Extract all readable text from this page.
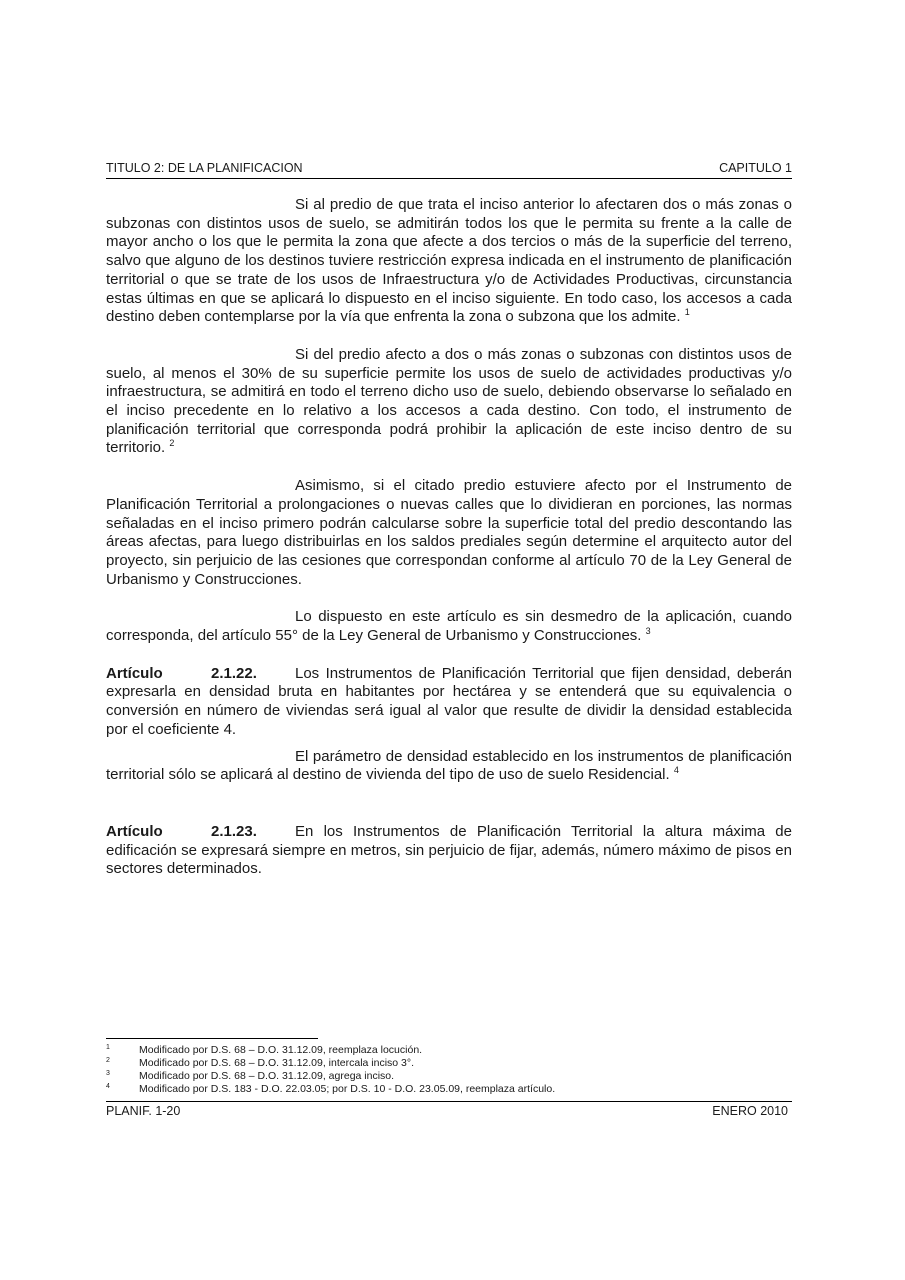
TITULO 2: DE LA PLANIFICACION	CAPITULO 1

Si al predio de que trata el inciso anterior lo afectaren dos o más zonas o subzonas con distintos usos de suelo, se admitirán todos los que le permita su frente a la calle de mayor ancho o los que le permita la zona que afecte a dos tercios o más de la superficie del terreno, salvo que alguno de los destinos tuviere restricción expresa indicada en el instrumento de planificación territorial o que se trate de los usos de Infraestructura y/o de Actividades Productivas, circunstancia estas últimas en que se aplicará lo dispuesto en el inciso siguiente. En todo caso, los accesos a cada destino deben contemplarse por la vía que enfrenta la zona o subzona que los admite. $^1$

Si del predio afecto a dos o más zonas o subzonas con distintos usos de suelo, al menos el 30% de su superficie permite los usos de suelo de actividades productivas y/o infraestructura, se admitirá en todo el terreno dicho uso de suelo, debiendo observarse lo señalado en el inciso precedente en lo relativo a los accesos a cada destino. Con todo, el instrumento de planificación territorial que corresponda podrá prohibir la aplicación de este inciso dentro de su territorio. $^2$

Asimismo, si el citado predio estuviere afecto por el Instrumento de Planificación Territorial a prolongaciones o nuevas calles que lo dividieran en porciones, las normas señaladas en el inciso primero podrán calcularse sobre la superficie total del predio descontando las áreas afectas, para luego distribuirlas en los saldos prediales según determine el arquitecto autor del proyecto, sin perjuicio de las cesiones que correspondan conforme al artículo 70 de la Ley General de Urbanismo y Construcciones.

Lo dispuesto en este artículo es sin desmedro de la aplicación, cuando corresponda, del artículo 55° de la Ley General de Urbanismo y Construcciones. $^3$

Artículo	2.1.22.	Los Instrumentos de Planificación Territorial que fijen densidad, deberán expresarla en densidad bruta en habitantes por hectárea y se entenderá que su equivalencia o conversión en número de viviendas será igual al valor que resulte de dividir la densidad establecida por el coeficiente 4.

El parámetro de densidad establecido en los instrumentos de planificación territorial sólo se aplicará al destino de vivienda del tipo de uso de suelo Residencial. $^4$

Artículo	2.1.23.	En los Instrumentos de Planificación Territorial la altura máxima de edificación se expresará siempre en metros, sin perjuicio de fijar, además, número máximo de pisos en sectores determinados.

1	Modificado por D.S. 68 – D.O. 31.12.09, reemplaza locución.
2	Modificado por D.S. 68 – D.O. 31.12.09, intercala inciso 3°.
3	Modificado por D.S. 68 – D.O. 31.12.09, agrega inciso.
4	Modificado por D.S. 183 - D.O. 22.03.05; por D.S. 10 - D.O. 23.05.09, reemplaza artículo.
PLANIF. 1-20	ENERO 2010
